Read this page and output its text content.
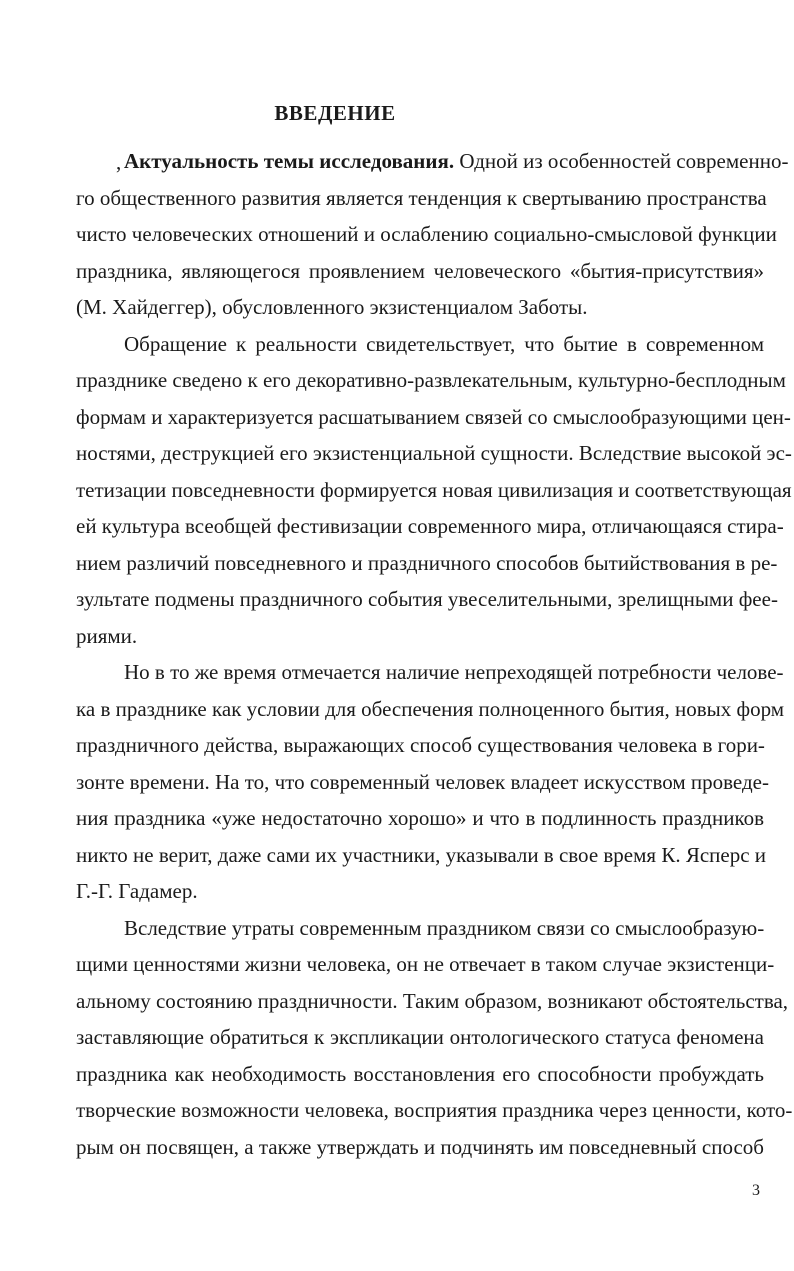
ВВЕДЕНИЕ
, Актуальность темы исследования. Одной из особенностей современно-
го общественного развития является тенденция к свертыванию пространства
чисто человеческих отношений и ослаблению социально-смысловой функции
праздника, являющегося проявлением человеческого «бытия-присутствия»
(М. Хайдеггер), обусловленного экзистенциалом Заботы.
Обращение к реальности свидетельствует, что бытие в современном
празднике сведено к его декоративно-развлекательным, культурно-бесплодным
формам и характеризуется расшатыванием связей со смыслообразующими цен-
ностями, деструкцией его экзистенциальной сущности. Вследствие высокой эс-
тетизации повседневности формируется новая цивилизация и соответствующая
ей культура всеобщей фестивизации современного мира, отличающаяся стира-
нием различий повседневного и праздничного способов бытийствования в ре-
зультате подмены праздничного события увеселительными, зрелищными фее-
риями.
Но в то же время отмечается наличие непреходящей потребности челове-
ка в празднике как условии для обеспечения полноценного бытия, новых форм
праздничного действа, выражающих способ существования человека в гори-
зонте времени. На то, что современный человек владеет искусством проведе-
ния праздника «уже недостаточно хорошо» и что в подлинность праздников
никто не верит, даже сами их участники, указывали в свое время К. Ясперс и
Г.-Г. Гадамер.
Вследствие утраты современным праздником связи со смыслообразую-
щими ценностями жизни человека, он не отвечает в таком случае экзистенци-
альному состоянию праздничности. Таким образом, возникают обстоятельства,
заставляющие обратиться к экспликации онтологического статуса феномена
праздника как необходимость восстановления его способности пробуждать
творческие возможности человека, восприятия праздника через ценности, кото-
рым он посвящен, а также утверждать и подчинять им повседневный способ
3
